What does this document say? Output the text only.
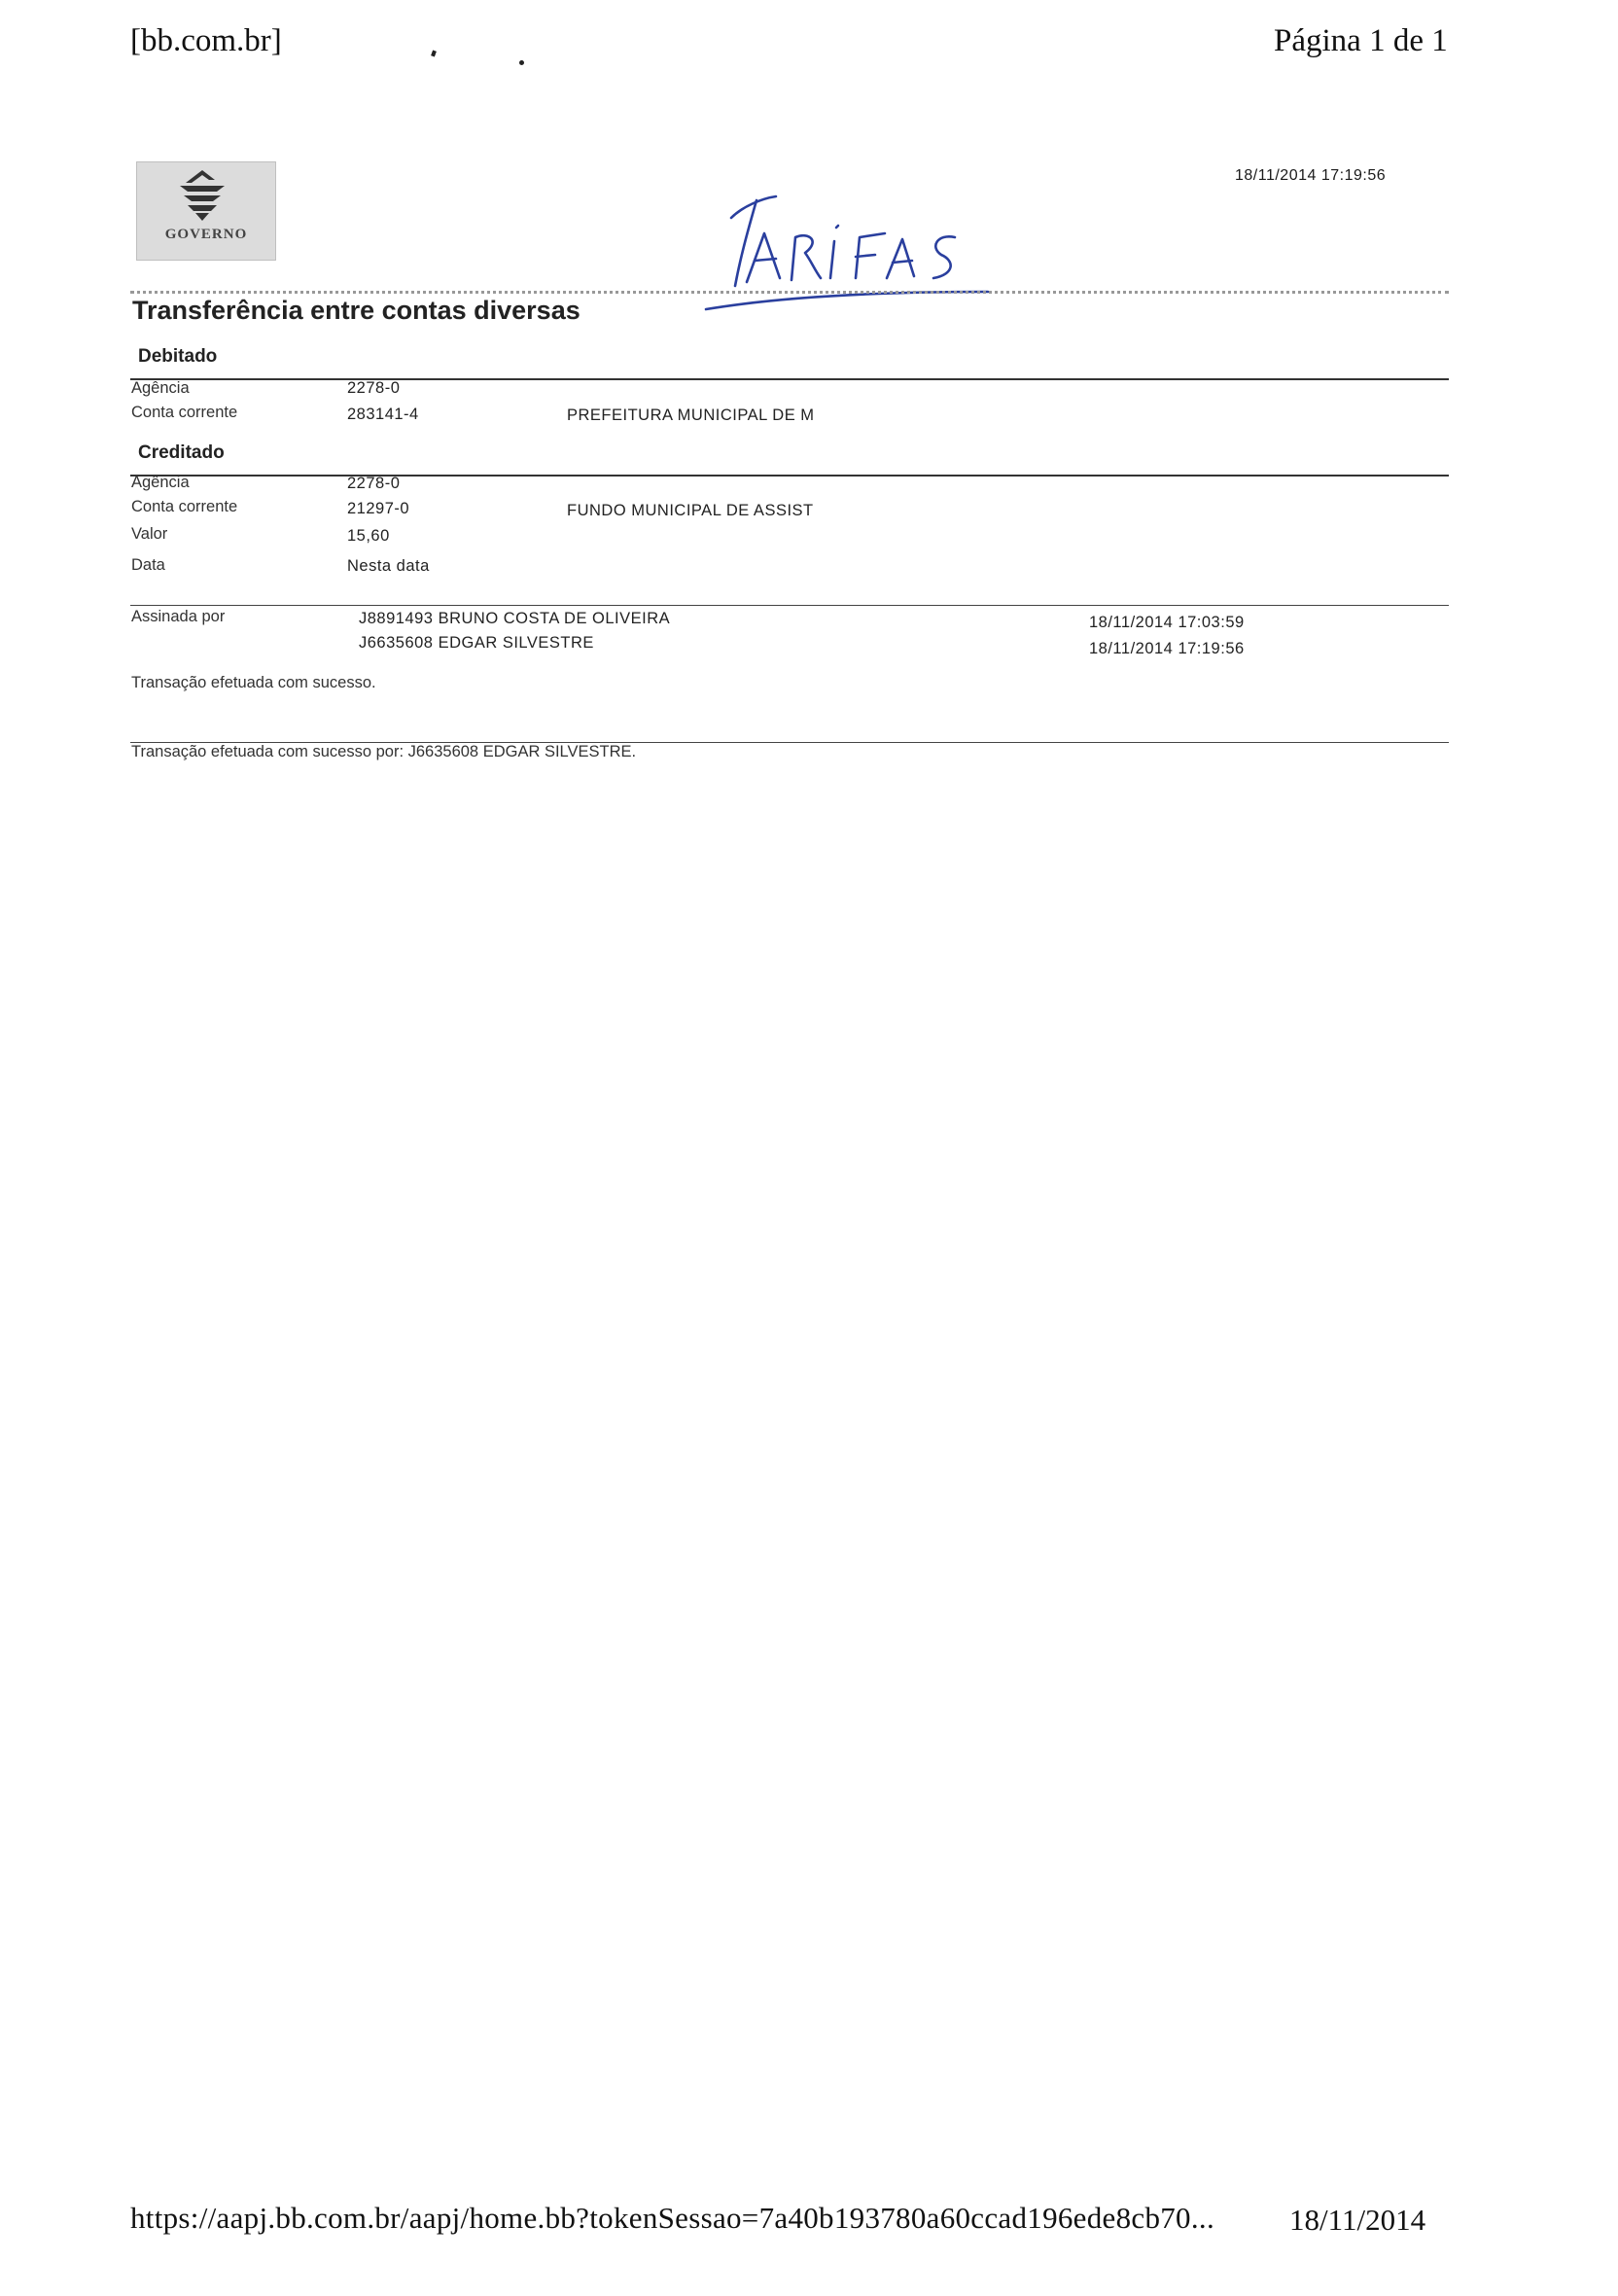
[bb.com.br]	Página 1 de 1
GOVERNO
18/11/2014 17:19:56
Transferência entre contas diversas
Debitado
Agência	2278-0
Conta corrente	283141-4	PREFEITURA MUNICIPAL DE M
Creditado
Agência	2278-0
Conta corrente	21297-0	FUNDO MUNICIPAL DE ASSIST
Valor	15,60
Data	Nesta data
Assinada por	J8891493 BRUNO COSTA DE OLIVEIRA	18/11/2014 17:03:59
J6635608 EDGAR SILVESTRE	18/11/2014 17:19:56
Transação efetuada com sucesso.
Transação efetuada com sucesso por: J6635608 EDGAR SILVESTRE.
https://aapj.bb.com.br/aapj/home.bb?tokenSessao=7a40b193780a60ccad196ede8cb70... 18/11/2014
